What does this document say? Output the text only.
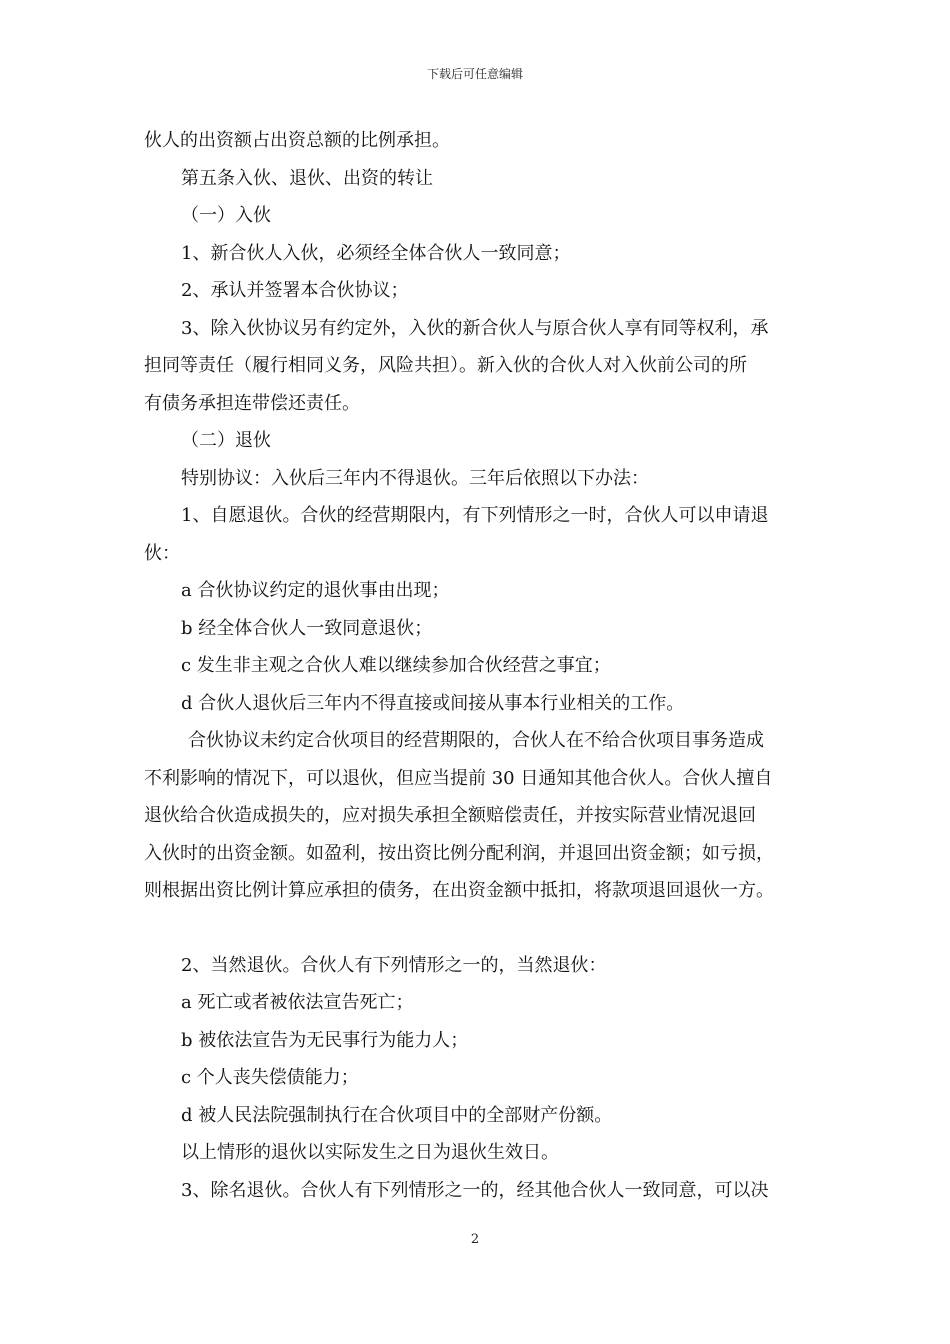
下载后可任意编辑

伙人的出资额占出资总额的比例承担。

第五条入伙、退伙、出资的转让

（一）入伙

1、新合伙人入伙，必须经全体合伙人一致同意；

2、承认并签署本合伙协议；

3、除入伙协议另有约定外，入伙的新合伙人与原合伙人享有同等权利，承

担同等责任（履行相同义务，风险共担）。新入伙的合伙人对入伙前公司的所

有债务承担连带偿还责任。

（二）退伙

特别协议：入伙后三年内不得退伙。三年后依照以下办法：

1、自愿退伙。合伙的经营期限内，有下列情形之一时，合伙人可以申请退

伙：

a 合伙协议约定的退伙事由出现；

b 经全体合伙人一致同意退伙；

c 发生非主观之合伙人难以继续参加合伙经营之事宜；

d 合伙人退伙后三年内不得直接或间接从事本行业相关的工作。

合伙协议未约定合伙项目的经营期限的，合伙人在不给合伙项目事务造成

不利影响的情况下，可以退伙，但应当提前 30 日通知其他合伙人。合伙人擅自

退伙给合伙造成损失的，应对损失承担全额赔偿责任，并按实际营业情况退回

入伙时的出资金额。如盈利，按出资比例分配利润，并退回出资金额；如亏损，

则根据出资比例计算应承担的债务，在出资金额中抵扣，将款项退回退伙一方。

2、当然退伙。合伙人有下列情形之一的，当然退伙：

a 死亡或者被依法宣告死亡；

b 被依法宣告为无民事行为能力人；

c 个人丧失偿债能力；

d 被人民法院强制执行在合伙项目中的全部财产份额。

以上情形的退伙以实际发生之日为退伙生效日。

3、除名退伙。合伙人有下列情形之一的，经其他合伙人一致同意，可以决

2
